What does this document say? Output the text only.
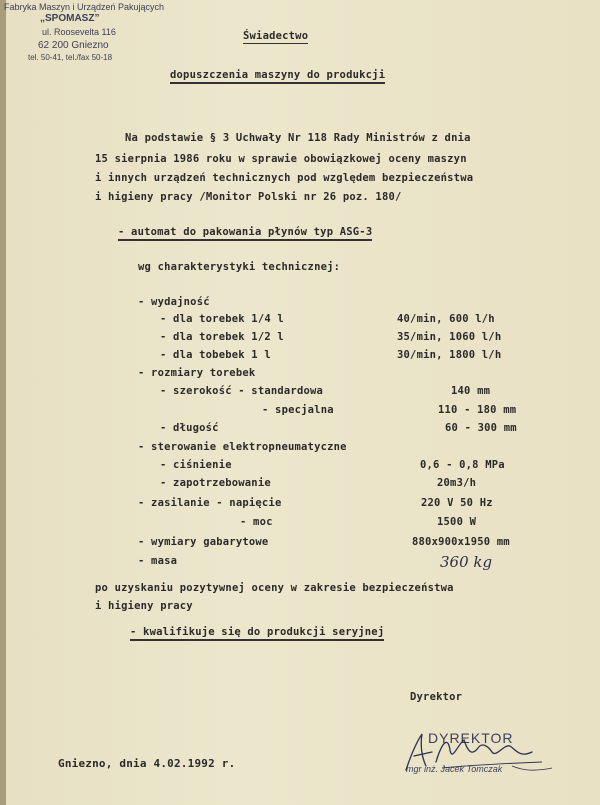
Fabryka Maszyn i Urządzeń Pakujących
„SPOMASZ”
ul. Roosevelta 116
62 200 Gniezno
tel. 50-41, tel./fax 50-18
Świadectwo
dopuszczenia maszyny do produkcji
Na podstawie § 3 Uchwały Nr 118 Rady Ministrów z dnia
15 sierpnia 1986 roku w sprawie obowiązkowej oceny maszyn
i innych urządzeń technicznych pod względem bezpieczeństwa
i higieny pracy /Monitor Polski nr 26 poz. 180/
- automat do pakowania płynów typ ASG-3
wg charakterystyki technicznej:
- wydajność
- dla torebek 1/4 l	40/min, 600 l/h
- dla torebek 1/2 l	35/min, 1060 l/h
- dla tobebek 1 l	30/min, 1800 l/h
- rozmiary torebek
- szerokość - standardowa	140 mm
- specjalna	110 - 180 mm
- długość	60 - 300 mm
- sterowanie elektropneumatyczne
- ciśnienie	0,6 - 0,8 MPa
- zapotrzebowanie	20m3/h
- zasilanie - napięcie	220 V 50 Hz
- moc	1500 W
- wymiary gabarytowe	880x900x1950 mm
- masa	360 kg
po uzyskaniu pozytywnej oceny w zakresie bezpieczeństwa
i higieny pracy
- kwalifikuje się do produkcji seryjnej
Dyrektor
Gniezno, dnia 4.02.1992 r.
DYREKTOR
mgr inż. Jacek Tomczak
